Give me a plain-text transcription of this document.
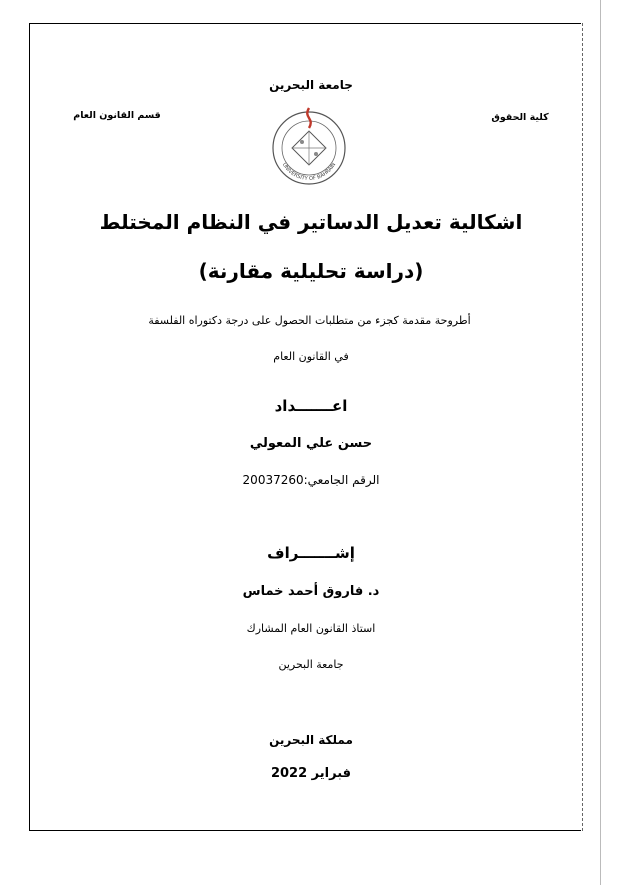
جامعة البحرين
كلية الحقوق
قسم القانون العام
UNIVERSITY OF BAHRAIN
اشكالية تعديل الدساتير في النظام المختلط
(دراسة تحليلية مقارنة)
أطروحة مقدمة كجزء من متطلبات الحصول على درجة دكتوراه الفلسفة
في القانون العام
اعـــــــداد
حسن علي المعولي
الرقم الجامعي:20037260
إشـــــــراف
د. فاروق أحمد خماس
استاذ القانون العام المشارك
جامعة البحرين
مملكة البحرين
فبراير 2022
